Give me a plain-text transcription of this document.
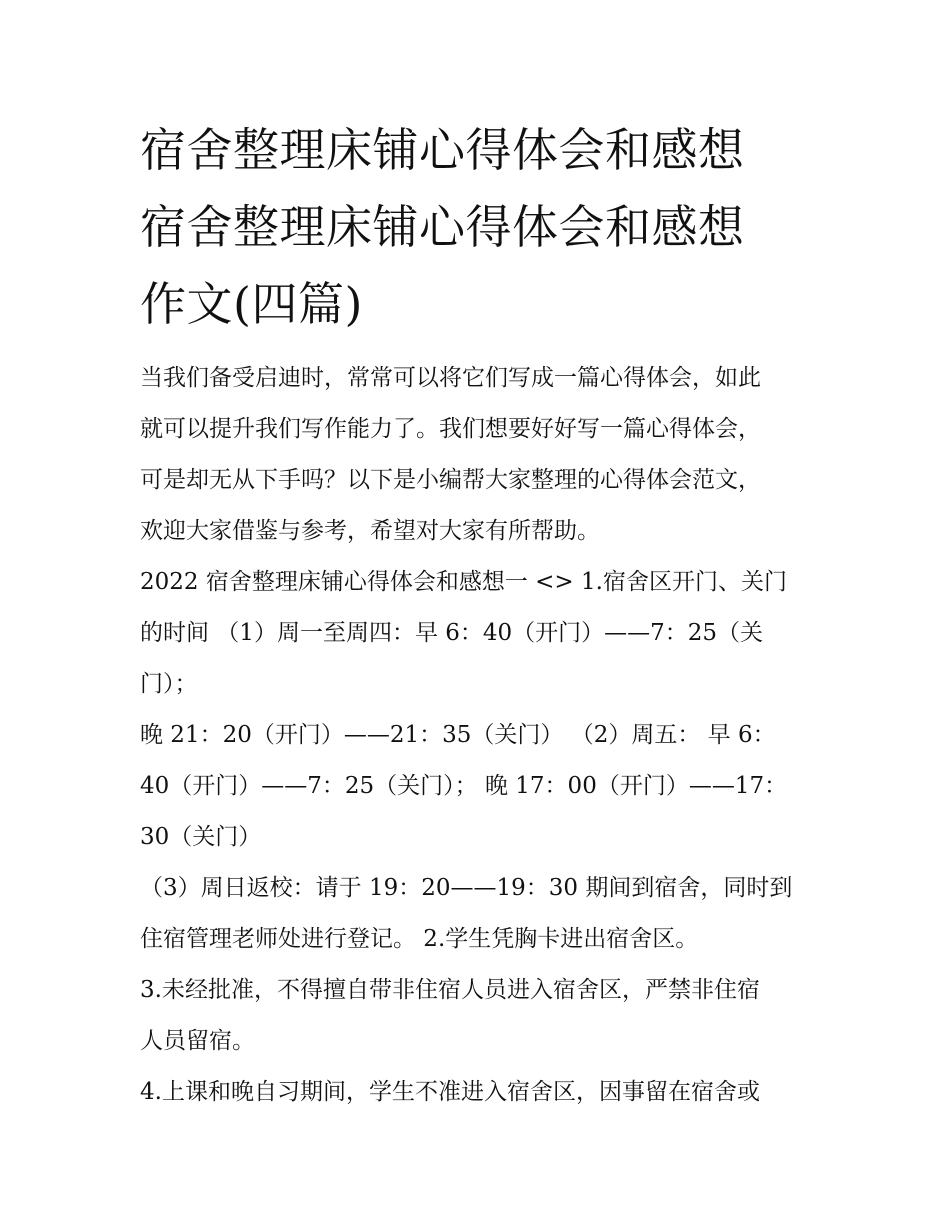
宿舍整理床铺心得体会和感想
宿舍整理床铺心得体会和感想
作文(四篇)

当我们备受启迪时，常常可以将它们写成一篇心得体会，如此
就可以提升我们写作能力了。我们想要好好写一篇心得体会，
可是却无从下手吗？以下是小编帮大家整理的心得体会范文，
欢迎大家借鉴与参考，希望对大家有所帮助。

2022 宿舍整理床铺心得体会和感想一 <> 1.宿舍区开门、关门
的时间 （1）周一至周四：早 6：40（开门）——7：25（关
门）；

晚 21：20（开门）——21：35（关门） （2）周五： 早 6：
40（开门）——7：25（关门）； 晚 17：00（开门）——17：
30（关门）

（3）周日返校：请于 19：20——19：30 期间到宿舍，同时到
住宿管理老师处进行登记。 2.学生凭胸卡进出宿舍区。

3.未经批准，不得擅自带非住宿人员进入宿舍区，严禁非住宿
人员留宿。

4.上课和晚自习期间，学生不准进入宿舍区，因事留在宿舍或
